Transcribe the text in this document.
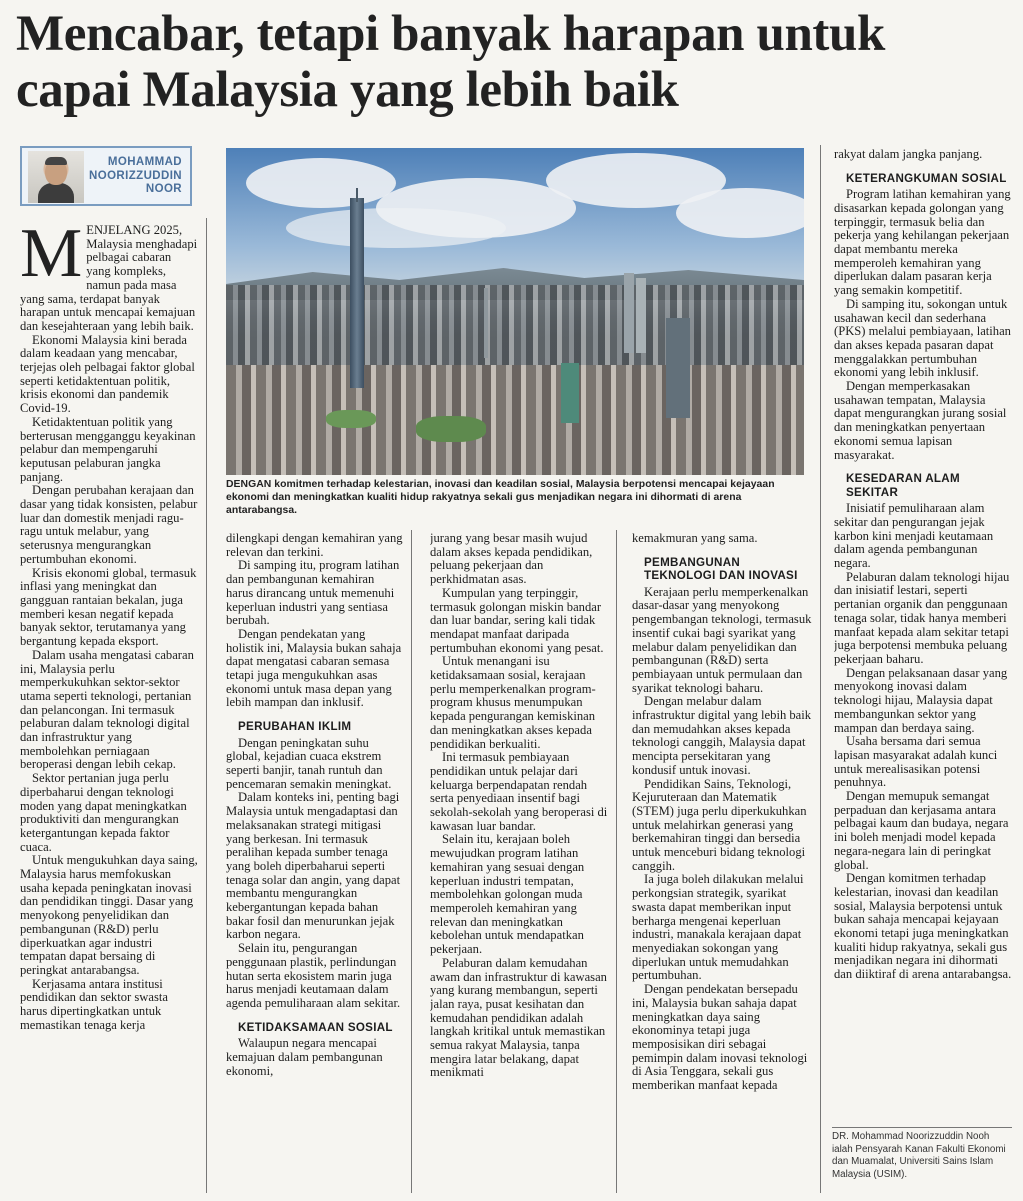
Mencabar, tetapi banyak harapan untuk capai Malaysia yang lebih baik
MOHAMMAD
NOORIZZUDDIN
NOOR
DENGAN komitmen terhadap kelestarian, inovasi dan keadilan sosial, Malaysia berpotensi mencapai kejayaan ekonomi dan meningkatkan kualiti hidup rakyatnya sekali gus menjadikan negara ini dihormati di arena antarabangsa.
M ENJELANG 2025, Malaysia menghadapi pelbagai cabaran yang kompleks, namun pada masa yang sama, terdapat banyak harapan untuk mencapai kemajuan dan kesejahteraan yang lebih baik.

Ekonomi Malaysia kini berada dalam keadaan yang mencabar, terjejas oleh pelbagai faktor global seperti ketidaktentuan politik, krisis ekonomi dan pandemik Covid-19.

Ketidaktentuan politik yang berterusan mengganggu keyakinan pelabur dan mempengaruhi keputusan pelaburan jangka panjang.

Dengan perubahan kerajaan dan dasar yang tidak konsisten, pelabur luar dan domestik menjadi ragu-ragu untuk melabur, yang seterusnya mengurangkan pertumbuhan ekonomi.

Krisis ekonomi global, termasuk inflasi yang meningkat dan gangguan rantaian bekalan, juga memberi kesan negatif kepada banyak sektor, terutamanya yang bergantung kepada eksport.

Dalam usaha mengatasi cabaran ini, Malaysia perlu memperkukuhkan sektor-sektor utama seperti teknologi, pertanian dan pelancongan. Ini termasuk pelaburan dalam teknologi digital dan infrastruktur yang membolehkan perniagaan beroperasi dengan lebih cekap.

Sektor pertanian juga perlu diperbaharui dengan teknologi moden yang dapat meningkatkan produktiviti dan mengurangkan ketergantungan kepada faktor cuaca.

Untuk mengukuhkan daya saing, Malaysia harus memfokuskan usaha kepada peningkatan inovasi dan pendidikan tinggi. Dasar yang menyokong penyelidikan dan pembangunan (R&D) perlu diperkuatkan agar industri tempatan dapat bersaing di peringkat antarabangsa.

Kerjasama antara institusi pendidikan dan sektor swasta harus dipertingkatkan untuk memastikan tenaga kerja

dilengkapi dengan kemahiran yang relevan dan terkini.

Di samping itu, program latihan dan pembangunan kemahiran harus dirancang untuk memenuhi keperluan industri yang sentiasa berubah.

Dengan pendekatan yang holistik ini, Malaysia bukan sahaja dapat mengatasi cabaran semasa tetapi juga mengukuhkan asas ekonomi untuk masa depan yang lebih mampan dan inklusif.

PERUBAHAN IKLIM

Dengan peningkatan suhu global, kejadian cuaca ekstrem seperti banjir, tanah runtuh dan pencemaran semakin meningkat.

Dalam konteks ini, penting bagi Malaysia untuk mengadaptasi dan melaksanakan strategi mitigasi yang berkesan. Ini termasuk peralihan kepada sumber tenaga yang boleh diperbaharui seperti tenaga solar dan angin, yang dapat membantu mengurangkan kebergantungan kepada bahan bakar fosil dan menurunkan jejak karbon negara.

Selain itu, pengurangan penggunaan plastik, perlindungan hutan serta ekosistem marin juga harus menjadi keutamaan dalam agenda pemuliharaan alam sekitar.

KETIDAKSAMAAN SOSIAL

Walaupun negara mencapai kemajuan dalam pembangunan ekonomi,

jurang yang besar masih wujud dalam akses kepada pendidikan, peluang pekerjaan dan perkhidmatan asas.

Kumpulan yang terpinggir, termasuk golongan miskin bandar dan luar bandar, sering kali tidak mendapat manfaat daripada pertumbuhan ekonomi yang pesat.

Untuk menangani isu ketidaksamaan sosial, kerajaan perlu memperkenalkan program-program khusus menumpukan kepada pengurangan kemiskinan dan meningkatkan akses kepada pendidikan berkualiti.

Ini termasuk pembiayaan pendidikan untuk pelajar dari keluarga berpendapatan rendah serta penyediaan insentif bagi sekolah-sekolah yang beroperasi di kawasan luar bandar.

Selain itu, kerajaan boleh mewujudkan program latihan kemahiran yang sesuai dengan keperluan industri tempatan, membolehkan golongan muda memperoleh kemahiran yang relevan dan meningkatkan kebolehan untuk mendapatkan pekerjaan.

Pelaburan dalam kemudahan awam dan infrastruktur di kawasan yang kurang membangun, seperti jalan raya, pusat kesihatan dan kemudahan pendidikan adalah langkah kritikal untuk memastikan semua rakyat Malaysia, tanpa mengira latar belakang, dapat menikmati

kemakmuran yang sama.

PEMBANGUNAN TEKNOLOGI DAN INOVASI

Kerajaan perlu memperkenalkan dasar-dasar yang menyokong pengembangan teknologi, termasuk insentif cukai bagi syarikat yang melabur dalam penyelidikan dan pembangunan (R&D) serta pembiayaan untuk permulaan dan syarikat teknologi baharu.

Dengan melabur dalam infrastruktur digital yang lebih baik dan memudahkan akses kepada teknologi canggih, Malaysia dapat mencipta persekitaran yang kondusif untuk inovasi.

Pendidikan Sains, Teknologi, Kejuruteraan dan Matematik (STEM) juga perlu diperkukuhkan untuk melahirkan generasi yang berkemahiran tinggi dan bersedia untuk menceburi bidang teknologi canggih.

Ia juga boleh dilakukan melalui perkongsian strategik, syarikat swasta dapat memberikan input berharga mengenai keperluan industri, manakala kerajaan dapat menyediakan sokongan yang diperlukan untuk memudahkan pertumbuhan.

Dengan pendekatan bersepadu ini, Malaysia bukan sahaja dapat meningkatkan daya saing ekonominya tetapi juga memposisikan diri sebagai pemimpin dalam inovasi teknologi di Asia Tenggara, sekali gus memberikan manfaat kepada

rakyat dalam jangka panjang.

KETERANGKUMAN SOSIAL

Program latihan kemahiran yang disasarkan kepada golongan yang terpinggir, termasuk belia dan pekerja yang kehilangan pekerjaan dapat membantu mereka memperoleh kemahiran yang diperlukan dalam pasaran kerja yang semakin kompetitif.

Di samping itu, sokongan untuk usahawan kecil dan sederhana (PKS) melalui pembiayaan, latihan dan akses kepada pasaran dapat menggalakkan pertumbuhan ekonomi yang lebih inklusif.

Dengan memperkasakan usahawan tempatan, Malaysia dapat mengurangkan jurang sosial dan meningkatkan penyertaan ekonomi semua lapisan masyarakat.

KESEDARAN ALAM SEKITAR

Inisiatif pemuliharaan alam sekitar dan pengurangan jejak karbon kini menjadi keutamaan dalam agenda pembangunan negara.

Pelaburan dalam teknologi hijau dan inisiatif lestari, seperti pertanian organik dan penggunaan tenaga solar, tidak hanya memberi manfaat kepada alam sekitar tetapi juga berpotensi membuka peluang pekerjaan baharu.

Dengan pelaksanaan dasar yang menyokong inovasi dalam teknologi hijau, Malaysia dapat membangunkan sektor yang mampan dan berdaya saing.

Usaha bersama dari semua lapisan masyarakat adalah kunci untuk merealisasikan potensi penuhnya.

Dengan memupuk semangat perpaduan dan kerjasama antara pelbagai kaum dan budaya, negara ini boleh menjadi model kepada negara-negara lain di peringkat global.

Dengan komitmen terhadap kelestarian, inovasi dan keadilan sosial, Malaysia berpotensi untuk bukan sahaja mencapai kejayaan ekonomi tetapi juga meningkatkan kualiti hidup rakyatnya, sekali gus menjadikan negara ini dihormati dan diiktiraf di arena antarabangsa.

DR. Mohammad Noorizzuddin Nooh ialah Pensyarah Kanan Fakulti Ekonomi dan Muamalat, Universiti Sains Islam Malaysia (USIM).
